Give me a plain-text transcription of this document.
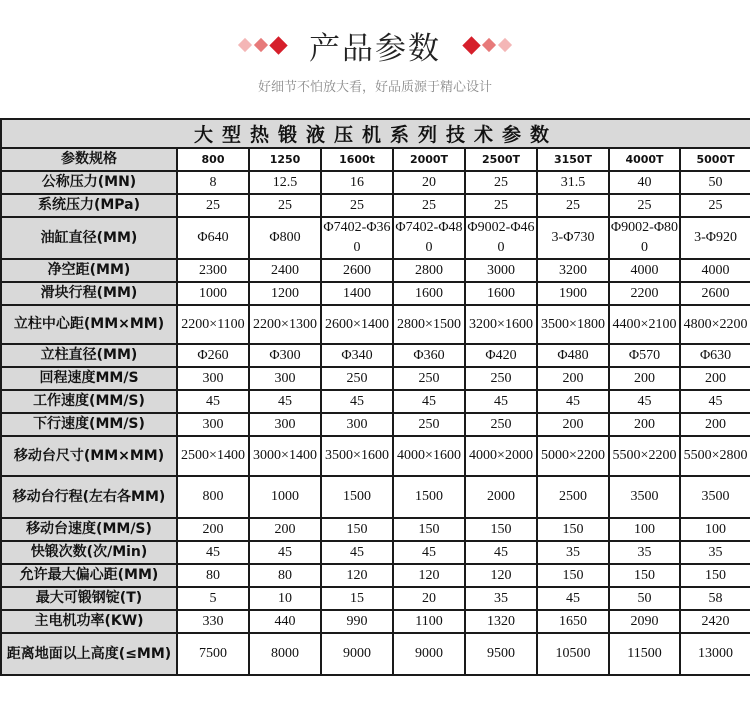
产品参数
好细节不怕放大看，好品质源于精心设计
大型热锻液压机系列技术参数								
参数规格	800	1250	1600t	2000T	2500T	3150T	4000T	5000T
公称压力(MN)	8	12.5	16	20	25	31.5	40	50
系统压力(MPa)	25	25	25	25	25	25	25	25
油缸直径(MM)	Φ640	Φ800	Φ7402-Φ360	Φ7402-Φ480	Φ9002-Φ460	3-Φ730	Φ9002-Φ800	3-Φ920
净空距(MM)	2300	2400	2600	2800	3000	3200	4000	4000
滑块行程(MM)	1000	1200	1400	1600	1600	1900	2200	2600
立柱中心距(MM×MM)	2200×1100	2200×1300	2600×1400	2800×1500	3200×1600	3500×1800	4400×2100	4800×2200
立柱直径(MM)	Φ260	Φ300	Φ340	Φ360	Φ420	Φ480	Φ570	Φ630
回程速度MM/S	300	300	250	250	250	200	200	200
工作速度(MM/S)	45	45	45	45	45	45	45	45
下行速度(MM/S)	300	300	300	250	250	200	200	200
移动台尺寸(MM×MM)	2500×1400	3000×1400	3500×1600	4000×1600	4000×2000	5000×2200	5500×2200	5500×2800
移动台行程(左右各MM)	800	1000	1500	1500	2000	2500	3500	3500
移动台速度(MM/S)	200	200	150	150	150	150	100	100
快锻次数(次/Min)	45	45	45	45	45	35	35	35
允许最大偏心距(MM)	80	80	120	120	120	150	150	150
最大可锻钢锭(T)	5	10	15	20	35	45	50	58
主电机功率(KW)	330	440	990	1100	1320	1650	2090	2420
距离地面以上高度(≤MM)	7500	8000	9000	9000	9500	10500	11500	13000
